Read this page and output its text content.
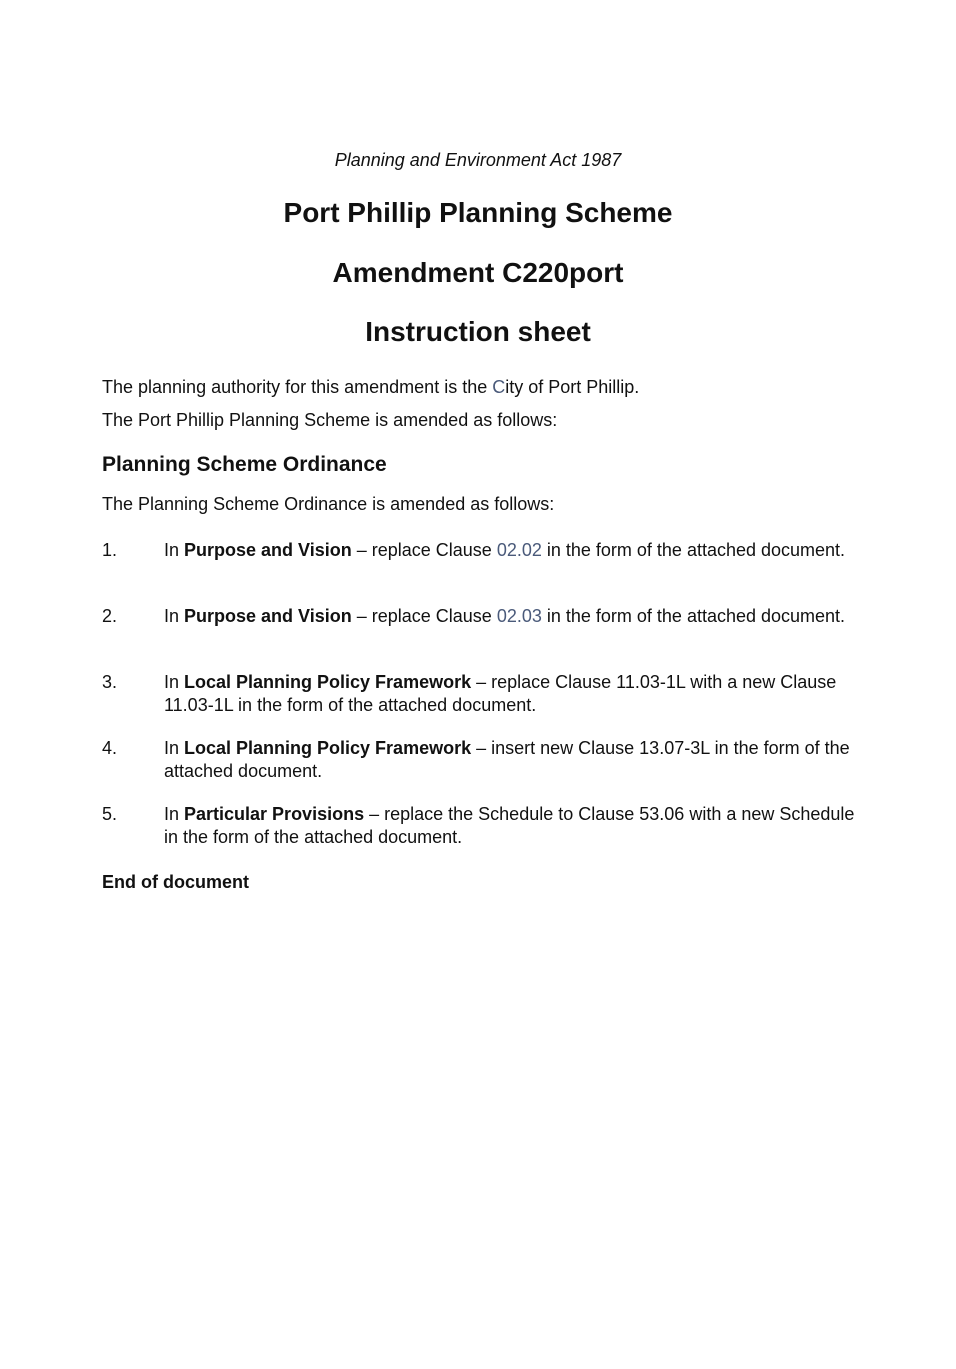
Planning and Environment Act 1987
Port Phillip Planning Scheme
Amendment C220port
Instruction sheet
The planning authority for this amendment is the City of Port Phillip.
The Port Phillip Planning Scheme is amended as follows:
Planning Scheme Ordinance
The Planning Scheme Ordinance is amended as follows:
1.	In Purpose and Vision – replace Clause 02.02 in the form of the attached document.
2.	In Purpose and Vision – replace Clause 02.03 in the form of the attached document.
3.	In Local Planning Policy Framework – replace Clause 11.03-1L with a new Clause 11.03-1L in the form of the attached document.
4.	In Local Planning Policy Framework – insert new Clause 13.07-3L in the form of the attached document.
5.	In Particular Provisions – replace the Schedule to Clause 53.06 with a new Schedule in the form of the attached document.
End of document
